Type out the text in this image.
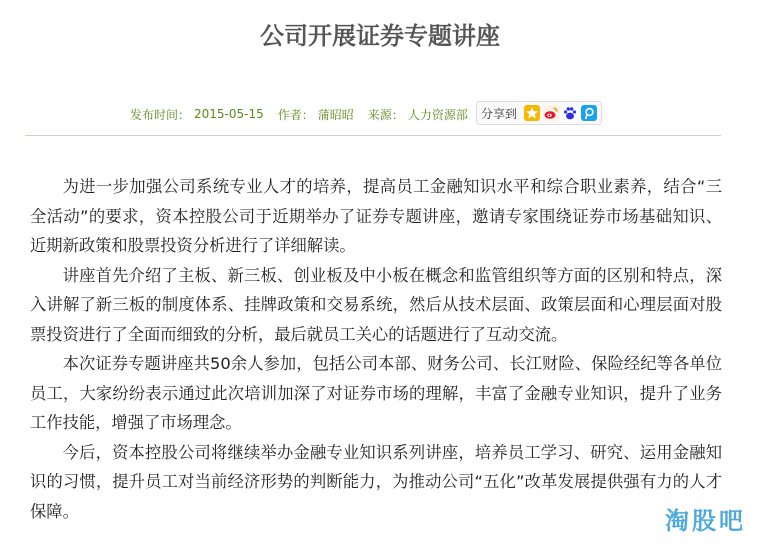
公司开展证券专题讲座
发布时间： 2015-05-15 作者： 蒲昭昭 来源： 人力资源部 分享到

为进一步加强公司系统专业人才的培养，提高员工金融知识水平和综合职业素养，结合“三全活动”的要求，资本控股公司于近期举办了证券专题讲座，邀请专家围绕证券市场基础知识、近期新政策和股票投资分析进行了详细解读。

讲座首先介绍了主板、新三板、创业板及中小板在概念和监管组织等方面的区别和特点，深入讲解了新三板的制度体系、挂牌政策和交易系统，然后从技术层面、政策层面和心理层面对股票投资进行了全面而细致的分析，最后就员工关心的话题进行了互动交流。

本次证券专题讲座共50余人参加，包括公司本部、财务公司、长江财险、保险经纪等各单位员工，大家纷纷表示通过此次培训加深了对证券市场的理解，丰富了金融专业知识，提升了业务工作技能，增强了市场理念。

今后，资本控股公司将继续举办金融专业知识系列讲座，培养员工学习、研究、运用金融知识的习惯，提升员工对当前经济形势的判断能力，为推动公司“五化”改革发展提供强有力的人才保障。	淘股吧
